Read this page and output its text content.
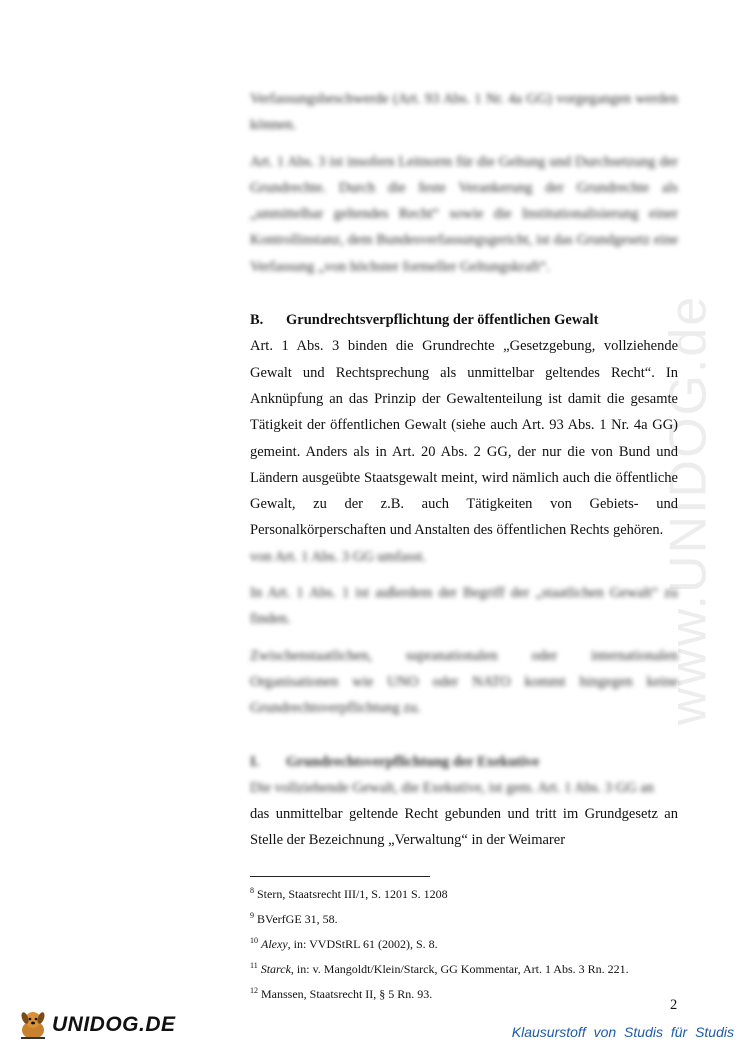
www.UNIDOG.de

Verfassungsbeschwerde (Art. 93 Abs. 1 Nr. 4a GG) vorgegangen werden können.

Art. 1 Abs. 3 ist insofern Leitnorm für die Geltung und Durchsetzung der Grundrechte. Durch die feste Verankerung der Grundrechte als „unmittelbar geltendes Recht“ sowie die Institutionalisierung einer Kontrollinstanz, dem Bundesverfassungsgericht, ist das Grundgesetz eine Verfassung „von höchster formeller Geltungskraft“.

B.	Grundrechtsverpflichtung der öffentlichen Gewalt

Art. 1 Abs. 3 binden die Grundrechte „Gesetzgebung, vollziehende Gewalt und Rechtsprechung als unmittelbar geltendes Recht“. In Anknüpfung an das Prinzip der Gewaltenteilung ist damit die gesamte Tätigkeit der öffentlichen Gewalt (siehe auch Art. 93 Abs. 1 Nr. 4a GG) gemeint. Anders als in Art. 20 Abs. 2 GG, der nur die von Bund und Ländern ausgeübte Staatsgewalt meint, wird nämlich auch die öffentliche Gewalt, zu der z.B. auch Tätigkeiten von Gebiets- und Personalkörperschaften und Anstalten des öffentlichen Rechts gehören.

von Art. 1 Abs. 3 GG umfasst.

In Art. 1 Abs. 1 ist außerdem der Begriff der „staatlichen Gewalt“ zu finden.

Zwischenstaatlichen, supranationalen oder internationalen Organisationen wie UNO oder NATO kommt hingegen keine Grundrechtsverpflichtung zu.

I.	Grundrechtsverpflichtung der Exekutive

Die vollziehende Gewalt, die Exekutive, ist gem. Art. 1 Abs. 3 GG an

das unmittelbar geltende Recht gebunden und tritt im Grundgesetz an Stelle der Bezeichnung „Verwaltung“ in der Weimarer

$^8$ Stern, Staatsrecht III/1, S. 1201 S. 1208
$^9$ BVerfGE 31, 58.
$^{10}$ Alexy, in: VVDStRL 61 (2002), S. 8.
$^{11}$ Starck, in: v. Mangoldt/Klein/Starck, GG Kommentar, Art. 1 Abs. 3 Rn. 221.
$^{12}$ Manssen, Staatsrecht II, § 5 Rn. 93.
2
UNIDOG.DE	Klausurstoff von Studis für Studis
